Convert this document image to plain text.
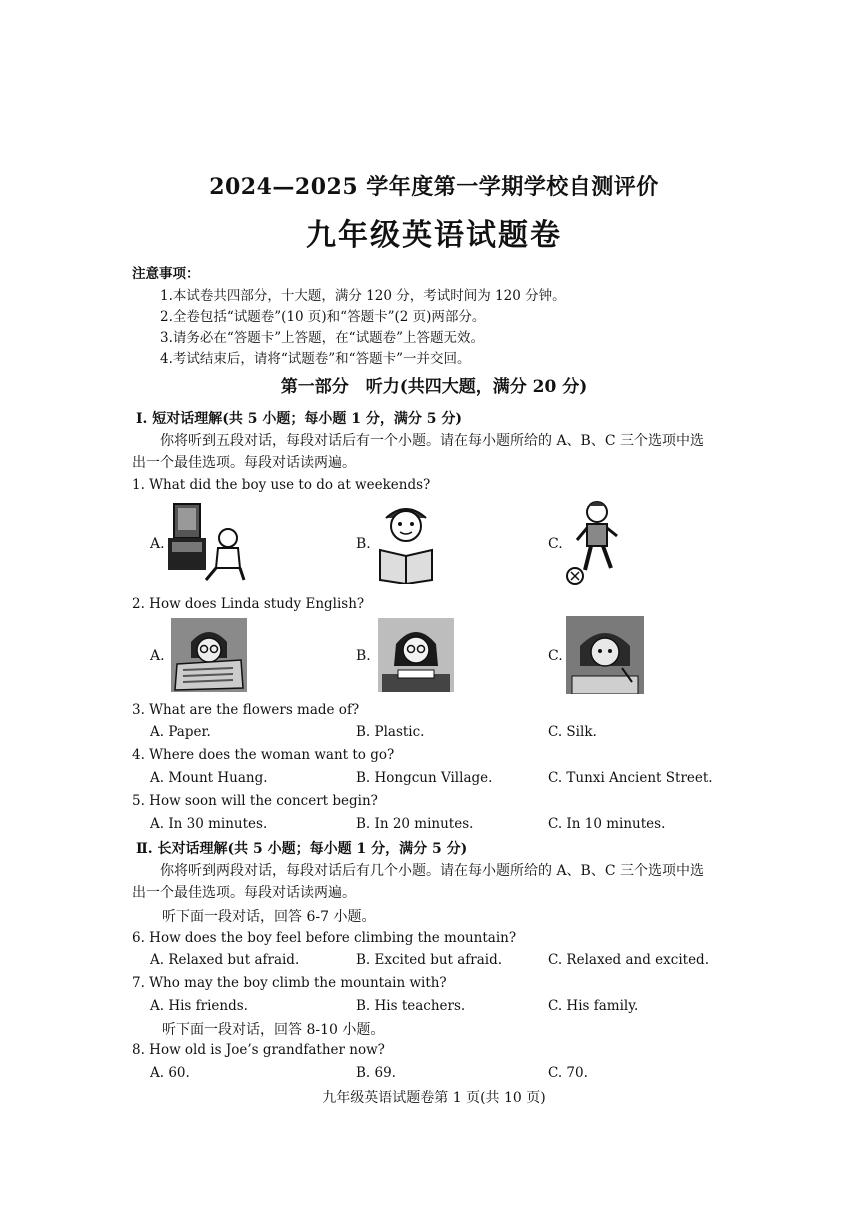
2024—2025 学年度第一学期学校自测评价
九年级英语试题卷
注意事项：
1.本试卷共四部分，十大题，满分 120 分，考试时间为 120 分钟。
2.全卷包括“试题卷”(10 页)和“答题卡”(2 页)两部分。
3.请务必在“答题卡”上答题，在“试题卷”上答题无效。
4.考试结束后，请将“试题卷”和“答题卡”一并交回。
第一部分　听力(共四大题，满分 20 分)
Ⅰ. 短对话理解(共 5 小题；每小题 1 分，满分 5 分)
你将听到五段对话，每段对话后有一个小题。请在每小题所给的 A、B、C 三个选项中选
出一个最佳选项。每段对话读两遍。
1. What did the boy use to do at weekends?
A.	B.	C.
2. How does Linda study English?
A.	B.	C.
3. What are the flowers made of?
A. Paper.	B. Plastic.	C. Silk.
4. Where does the woman want to go?
A. Mount Huang.	B. Hongcun Village.	C. Tunxi Ancient Street.
5. How soon will the concert begin?
A. In 30 minutes.	B. In 20 minutes.	C. In 10 minutes.
Ⅱ. 长对话理解(共 5 小题；每小题 1 分，满分 5 分)
你将听到两段对话，每段对话后有几个小题。请在每小题所给的 A、B、C 三个选项中选
出一个最佳选项。每段对话读两遍。
听下面一段对话，回答 6-7 小题。
6. How does the boy feel before climbing the mountain?
A. Relaxed but afraid.	B. Excited but afraid.	C. Relaxed and excited.
7. Who may the boy climb the mountain with?
A. His friends.	B. His teachers.	C. His family.
听下面一段对话，回答 8-10 小题。
8. How old is Joe’s grandfather now?
A. 60.	B. 69.	C. 70.
九年级英语试题卷第 1 页(共 10 页)
